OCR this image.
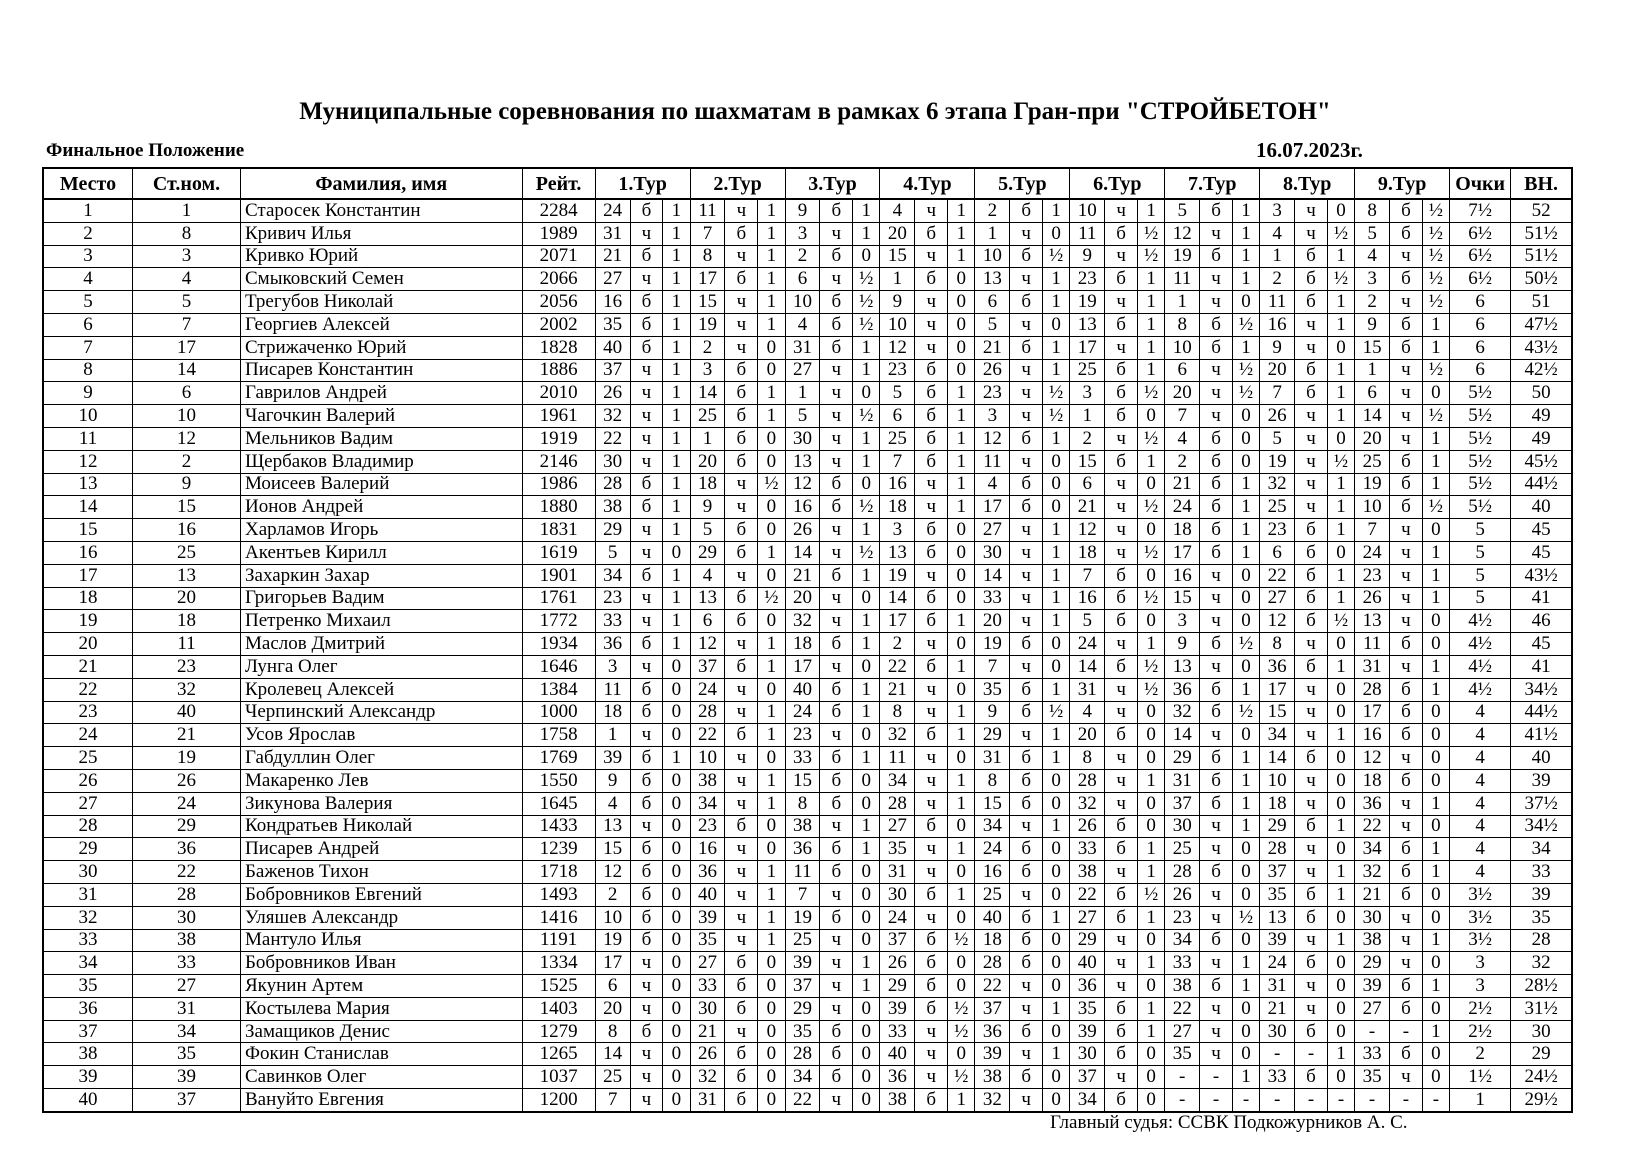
Муниципальные соревнования по шахматам в рамках 6 этапа Гран-при "СТРОЙБЕТОН"
Финальное Положение	16.07.2023г.
Место	Ст.ном.	Фамилия, имя	Рейт.	1.Тур			2.Тур			3.Тур			4.Тур			5.Тур			6.Тур			7.Тур			8.Тур			9.Тур			Очки	ВН.
1	1	Старосек Константин	2284	24	б	1	11	ч	1	9	б	1	4	ч	1	2	б	1	10	ч	1	5	б	1	3	ч	0	8	б	½	7½	52
2	8	Кривич Илья	1989	31	ч	1	7	б	1	3	ч	1	20	б	1	1	ч	0	11	б	½	12	ч	1	4	ч	½	5	б	½	6½	51½
3	3	Кривко Юрий	2071	21	б	1	8	ч	1	2	б	0	15	ч	1	10	б	½	9	ч	½	19	б	1	1	б	1	4	ч	½	6½	51½
4	4	Смыковский Семен	2066	27	ч	1	17	б	1	6	ч	½	1	б	0	13	ч	1	23	б	1	11	ч	1	2	б	½	3	б	½	6½	50½
5	5	Трегубов Николай	2056	16	б	1	15	ч	1	10	б	½	9	ч	0	6	б	1	19	ч	1	1	ч	0	11	б	1	2	ч	½	6	51
6	7	Георгиев Алексей	2002	35	б	1	19	ч	1	4	б	½	10	ч	0	5	ч	0	13	б	1	8	б	½	16	ч	1	9	б	1	6	47½
7	17	Стрижаченко Юрий	1828	40	б	1	2	ч	0	31	б	1	12	ч	0	21	б	1	17	ч	1	10	б	1	9	ч	0	15	б	1	6	43½
8	14	Писарев Константин	1886	37	ч	1	3	б	0	27	ч	1	23	б	0	26	ч	1	25	б	1	6	ч	½	20	б	1	1	ч	½	6	42½
9	6	Гаврилов Андрей	2010	26	ч	1	14	б	1	1	ч	0	5	б	1	23	ч	½	3	б	½	20	ч	½	7	б	1	6	ч	0	5½	50
10	10	Чагочкин Валерий	1961	32	ч	1	25	б	1	5	ч	½	6	б	1	3	ч	½	1	б	0	7	ч	0	26	ч	1	14	ч	½	5½	49
11	12	Мельников Вадим	1919	22	ч	1	1	б	0	30	ч	1	25	б	1	12	б	1	2	ч	½	4	б	0	5	ч	0	20	ч	1	5½	49
12	2	Щербаков Владимир	2146	30	ч	1	20	б	0	13	ч	1	7	б	1	11	ч	0	15	б	1	2	б	0	19	ч	½	25	б	1	5½	45½
13	9	Моисеев Валерий	1986	28	б	1	18	ч	½	12	б	0	16	ч	1	4	б	0	6	ч	0	21	б	1	32	ч	1	19	б	1	5½	44½
14	15	Ионов Андрей	1880	38	б	1	9	ч	0	16	б	½	18	ч	1	17	б	0	21	ч	½	24	б	1	25	ч	1	10	б	½	5½	40
15	16	Харламов Игорь	1831	29	ч	1	5	б	0	26	ч	1	3	б	0	27	ч	1	12	ч	0	18	б	1	23	б	1	7	ч	0	5	45
16	25	Акентьев Кирилл	1619	5	ч	0	29	б	1	14	ч	½	13	б	0	30	ч	1	18	ч	½	17	б	1	6	б	0	24	ч	1	5	45
17	13	Захаркин Захар	1901	34	б	1	4	ч	0	21	б	1	19	ч	0	14	ч	1	7	б	0	16	ч	0	22	б	1	23	ч	1	5	43½
18	20	Григорьев Вадим	1761	23	ч	1	13	б	½	20	ч	0	14	б	0	33	ч	1	16	б	½	15	ч	0	27	б	1	26	ч	1	5	41
19	18	Петренко Михаил	1772	33	ч	1	6	б	0	32	ч	1	17	б	1	20	ч	1	5	б	0	3	ч	0	12	б	½	13	ч	0	4½	46
20	11	Маслов Дмитрий	1934	36	б	1	12	ч	1	18	б	1	2	ч	0	19	б	0	24	ч	1	9	б	½	8	ч	0	11	б	0	4½	45
21	23	Лунга Олег	1646	3	ч	0	37	б	1	17	ч	0	22	б	1	7	ч	0	14	б	½	13	ч	0	36	б	1	31	ч	1	4½	41
22	32	Кролевец Алексей	1384	11	б	0	24	ч	0	40	б	1	21	ч	0	35	б	1	31	ч	½	36	б	1	17	ч	0	28	б	1	4½	34½
23	40	Черпинский Александр	1000	18	б	0	28	ч	1	24	б	1	8	ч	1	9	б	½	4	ч	0	32	б	½	15	ч	0	17	б	0	4	44½
24	21	Усов Ярослав	1758	1	ч	0	22	б	1	23	ч	0	32	б	1	29	ч	1	20	б	0	14	ч	0	34	ч	1	16	б	0	4	41½
25	19	Габдуллин Олег	1769	39	б	1	10	ч	0	33	б	1	11	ч	0	31	б	1	8	ч	0	29	б	1	14	б	0	12	ч	0	4	40
26	26	Макаренко Лев	1550	9	б	0	38	ч	1	15	б	0	34	ч	1	8	б	0	28	ч	1	31	б	1	10	ч	0	18	б	0	4	39
27	24	Зикунова Валерия	1645	4	б	0	34	ч	1	8	б	0	28	ч	1	15	б	0	32	ч	0	37	б	1	18	ч	0	36	ч	1	4	37½
28	29	Кондратьев Николай	1433	13	ч	0	23	б	0	38	ч	1	27	б	0	34	ч	1	26	б	0	30	ч	1	29	б	1	22	ч	0	4	34½
29	36	Писарев Андрей	1239	15	б	0	16	ч	0	36	б	1	35	ч	1	24	б	0	33	б	1	25	ч	0	28	ч	0	34	б	1	4	34
30	22	Баженов Тихон	1718	12	б	0	36	ч	1	11	б	0	31	ч	0	16	б	0	38	ч	1	28	б	0	37	ч	1	32	б	1	4	33
31	28	Бобровников Евгений	1493	2	б	0	40	ч	1	7	ч	0	30	б	1	25	ч	0	22	б	½	26	ч	0	35	б	1	21	б	0	3½	39
32	30	Уляшев Александр	1416	10	б	0	39	ч	1	19	б	0	24	ч	0	40	б	1	27	б	1	23	ч	½	13	б	0	30	ч	0	3½	35
33	38	Мантуло Илья	1191	19	б	0	35	ч	1	25	ч	0	37	б	½	18	б	0	29	ч	0	34	б	0	39	ч	1	38	ч	1	3½	28
34	33	Бобровников Иван	1334	17	ч	0	27	б	0	39	ч	1	26	б	0	28	б	0	40	ч	1	33	ч	1	24	б	0	29	ч	0	3	32
35	27	Якунин Артем	1525	6	ч	0	33	б	0	37	ч	1	29	б	0	22	ч	0	36	ч	0	38	б	1	31	ч	0	39	б	1	3	28½
36	31	Костылева Мария	1403	20	ч	0	30	б	0	29	ч	0	39	б	½	37	ч	1	35	б	1	22	ч	0	21	ч	0	27	б	0	2½	31½
37	34	Замащиков Денис	1279	8	б	0	21	ч	0	35	б	0	33	ч	½	36	б	0	39	б	1	27	ч	0	30	б	0	-	-	1	2½	30
38	35	Фокин Станислав	1265	14	ч	0	26	б	0	28	б	0	40	ч	0	39	ч	1	30	б	0	35	ч	0	-	-	1	33	б	0	2	29
39	39	Савинков Олег	1037	25	ч	0	32	б	0	34	б	0	36	ч	½	38	б	0	37	ч	0	-	-	1	33	б	0	35	ч	0	1½	24½
40	37	Вануйто Евгения	1200	7	ч	0	31	б	0	22	ч	0	38	б	1	32	ч	0	34	б	0	-	-	-	-	-	-	-	-	-	1	29½
Главный судья: ССВК Подкожурников А. С.
